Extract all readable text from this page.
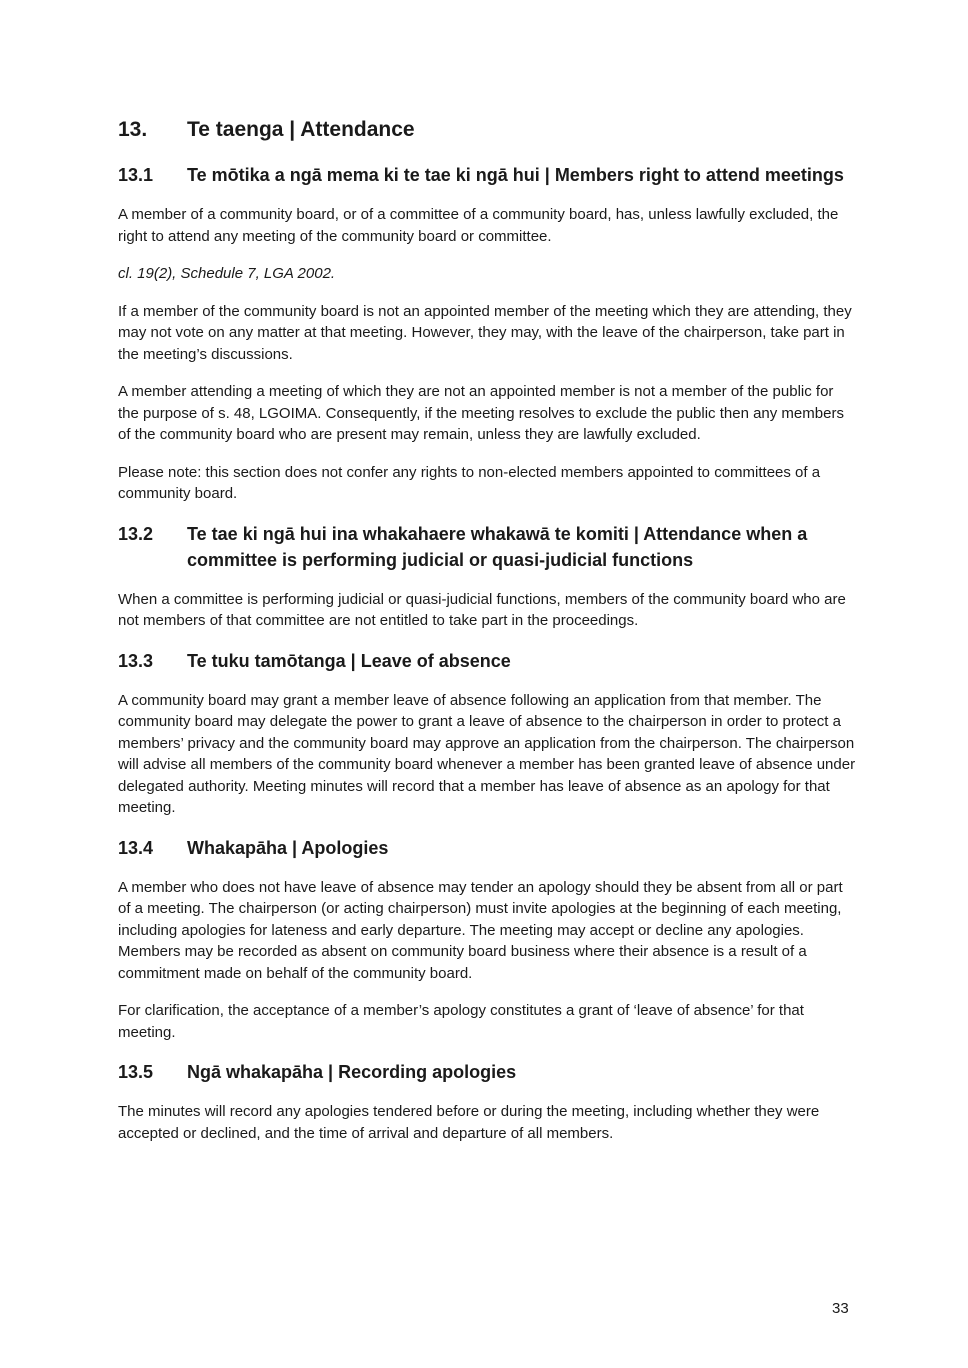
13.	Te taenga | Attendance
13.1	Te mōtika a ngā mema ki te tae ki ngā hui | Members right to attend meetings

A member of a community board, or of a committee of a community board, has, unless lawfully excluded, the right to attend any meeting of the community board or committee.

cl. 19(2), Schedule 7, LGA 2002.

If a member of the community board is not an appointed member of the meeting which they are attending, they may not vote on any matter at that meeting. However, they may, with the leave of the chairperson, take part in the meeting’s discussions.

A member attending a meeting of which they are not an appointed member is not a member of the public for the purpose of s. 48, LGOIMA. Consequently, if the meeting resolves to exclude the public then any members of the community board who are present may remain, unless they are lawfully excluded.

Please note: this section does not confer any rights to non-elected members appointed to committees of a community board.

13.2	Te tae ki ngā hui ina whakahaere whakawā te komiti | Attendance when a committee is performing judicial or quasi-judicial functions

When a committee is performing judicial or quasi-judicial functions, members of the community board who are not members of that committee are not entitled to take part in the proceedings.

13.3	Te tuku tamōtanga | Leave of absence

A community board may grant a member leave of absence following an application from that member. The community board may delegate the power to grant a leave of absence to the chairperson in order to protect a members’ privacy and the community board may approve an application from the chairperson. The chairperson will advise all members of the community board whenever a member has been granted leave of absence under delegated authority. Meeting minutes will record that a member has leave of absence as an apology for that meeting.

13.4	Whakapāha | Apologies

A member who does not have leave of absence may tender an apology should they be absent from all or part of a meeting. The chairperson (or acting chairperson) must invite apologies at the beginning of each meeting, including apologies for lateness and early departure. The meeting may accept or decline any apologies. Members may be recorded as absent on community board business where their absence is a result of a commitment made on behalf of the community board.

For clarification, the acceptance of a member’s apology constitutes a grant of ‘leave of absence’ for that meeting.

13.5	Ngā whakapāha | Recording apologies

The minutes will record any apologies tendered before or during the meeting, including whether they were accepted or declined, and the time of arrival and departure of all members.

33
